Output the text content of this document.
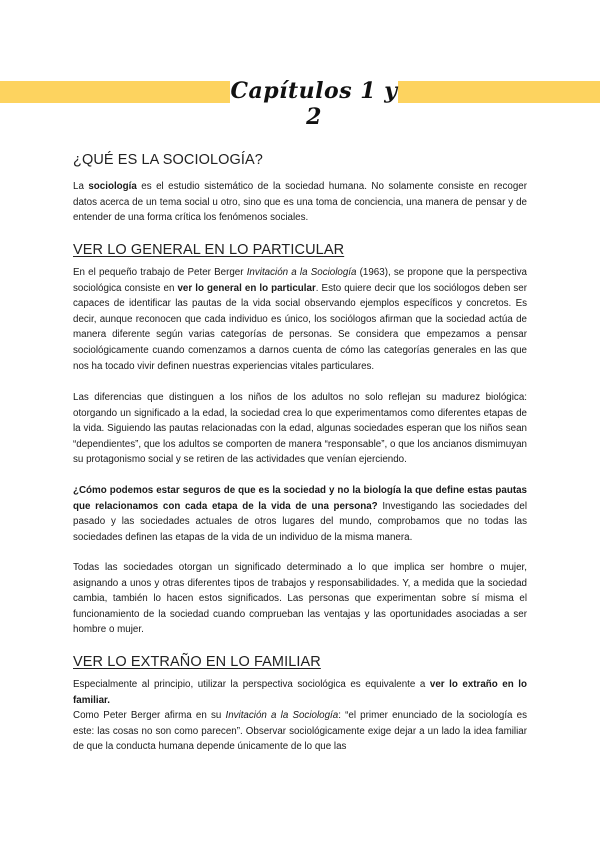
Capítulos 1 y 2
¿QUÉ ES LA SOCIOLOGÍA?

La sociología es el estudio sistemático de la sociedad humana. No solamente consiste en recoger datos acerca de un tema social u otro, sino que es una toma de conciencia, una manera de pensar y de entender de una forma crítica los fenómenos sociales.

VER LO GENERAL EN LO PARTICULAR

En el pequeño trabajo de Peter Berger Invitación a la Sociología (1963), se propone que la perspectiva sociológica consiste en ver lo general en lo particular. Esto quiere decir que los sociólogos deben ser capaces de identificar las pautas de la vida social observando ejemplos específicos y concretos. Es decir, aunque reconocen que cada individuo es único, los sociólogos afirman que la sociedad actúa de manera diferente según varias categorías de personas. Se considera que empezamos a pensar sociológicamente cuando comenzamos a darnos cuenta de cómo las categorías generales en las que nos ha tocado vivir definen nuestras experiencias vitales particulares.

Las diferencias que distinguen a los niños de los adultos no solo reflejan su madurez biológica: otorgando un significado a la edad, la sociedad crea lo que experimentamos como diferentes etapas de la vida. Siguiendo las pautas relacionadas con la edad, algunas sociedades esperan que los niños sean “dependientes”, que los adultos se comporten de manera “responsable”, o que los ancianos dismimuyan su protagonismo social y se retiren de las actividades que venían ejerciendo.

¿Cómo podemos estar seguros de que es la sociedad y no la biología la que define estas pautas que relacionamos con cada etapa de la vida de una persona? Investigando las sociedades del pasado y las sociedades actuales de otros lugares del mundo, comprobamos que no todas las sociedades definen las etapas de la vida de un individuo de la misma manera.

Todas las sociedades otorgan un significado determinado a lo que implica ser hombre o mujer, asignando a unos y otras diferentes tipos de trabajos y responsabilidades. Y, a medida que la sociedad cambia, también lo hacen estos significados. Las personas que experimentan sobre sí misma el funcionamiento de la sociedad cuando comprueban las ventajas y las oportunidades asociadas a ser hombre o mujer.

VER LO EXTRAÑO EN LO FAMILIAR

Especialmente al principio, utilizar la perspectiva sociológica es equivalente a ver lo extraño en lo familiar.

Como Peter Berger afirma en su Invitación a la Sociología: “el primer enunciado de la sociología es este: las cosas no son como parecen”. Observar sociológicamente exige dejar a un lado la idea familiar de que la conducta humana depende únicamente de lo que las
